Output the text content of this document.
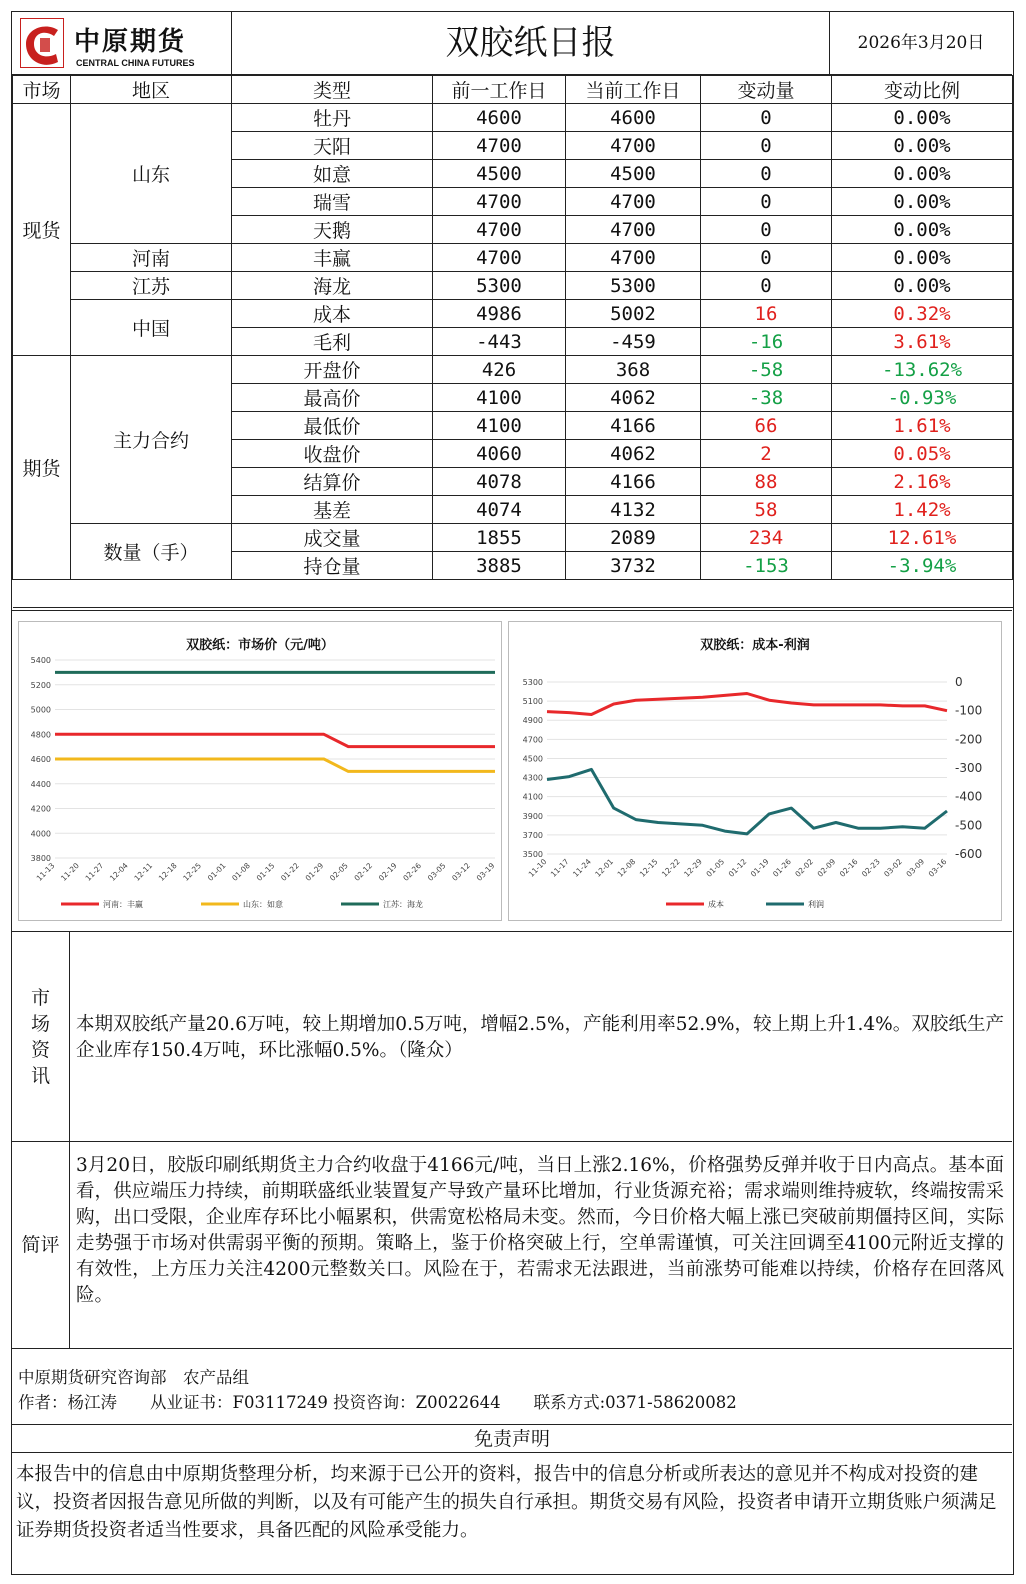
中原期货
CENTRAL CHINA FUTURES	双胶纸日报	2026年3月20日
市场	地区	类型	前一工作日	当前工作日	变动量	变动比例
现货	山东	牡丹	4600	4600	0	0.00%
		天阳	4700	4700	0	0.00%
		如意	4500	4500	0	0.00%
		瑞雪	4700	4700	0	0.00%
		天鹅	4700	4700	0	0.00%
	河南	丰赢	4700	4700	0	0.00%
	江苏	海龙	5300	5300	0	0.00%
	中国	成本	4986	5002	16	0.32%
		毛利	-443	-459	-16	3.61%
期货	主力合约	开盘价	426	368	-58	-13.62%
		最高价	4100	4062	-38	-0.93%
		最低价	4100	4166	66	1.61%
		收盘价	4060	4062	2	0.05%
		结算价	4078	4166	88	2.16%
		基差	4074	4132	58	1.42%
	数量（手）	成交量	1855	2089	234	12.61%
		持仓量	3885	3732	-153	-3.94%

双胶纸：市场价（元/吨）
3800
4000
4200
4400
4600
4800
5000
5200
5400
11-13 11-20 11-27 12-04 12-11 12-18 12-25 01-01 01-08 01-15 01-22 01-29 02-05 02-12 02-19 02-26 03-05 03-12 03-19
河南：丰赢	山东：如意	江苏：海龙
双胶纸：成本-利润
3500
3700
3900
4100
4300
4500
4700
4900
5100
5300	0
-100
-200
-300
-400
-500
-600
11-10 11-17 11-24 12-01 12-08 12-15 12-22 12-29 01-05 01-12 01-19 01-26 02-02 02-09 02-16 02-23 03-02 03-09 03-16
成本	利润
市场资讯
本期双胶纸产量20.6万吨，较上期增加0.5万吨，增幅2.5%，产能利用率52.9%，较上期上升1.4%。双胶纸生产企业库存150.4万吨，环比涨幅0.5%。（隆众）
简评
3月20日，胶版印刷纸期货主力合约收盘于4166元/吨，当日上涨2.16%，价格强势反弹并收于日内高点。基本面看，供应端压力持续，前期联盛纸业装置复产导致产量环比增加，行业货源充裕；需求端则维持疲软，终端按需采购，出口受限，企业库存环比小幅累积，供需宽松格局未变。然而，今日价格大幅上涨已突破前期僵持区间，实际走势强于市场对供需弱平衡的预期。策略上，鉴于价格突破上行，空单需谨慎，可关注回调至4100元附近支撑的有效性，上方压力关注4200元整数关口。风险在于，若需求无法跟进，当前涨势可能难以持续，价格存在回落风险。
中原期货研究咨询部　农产品组
作者：杨江涛　　从业证书：F03117249 投资咨询：Z0022644　　联系方式:0371-58620082
免责声明
本报告中的信息由中原期货整理分析，均来源于已公开的资料，报告中的信息分析或所表达的意见并不构成对投资的建议，投资者因报告意见所做的判断，以及有可能产生的损失自行承担。期货交易有风险，投资者申请开立期货账户须满足证券期货投资者适当性要求，具备匹配的风险承受能力。
